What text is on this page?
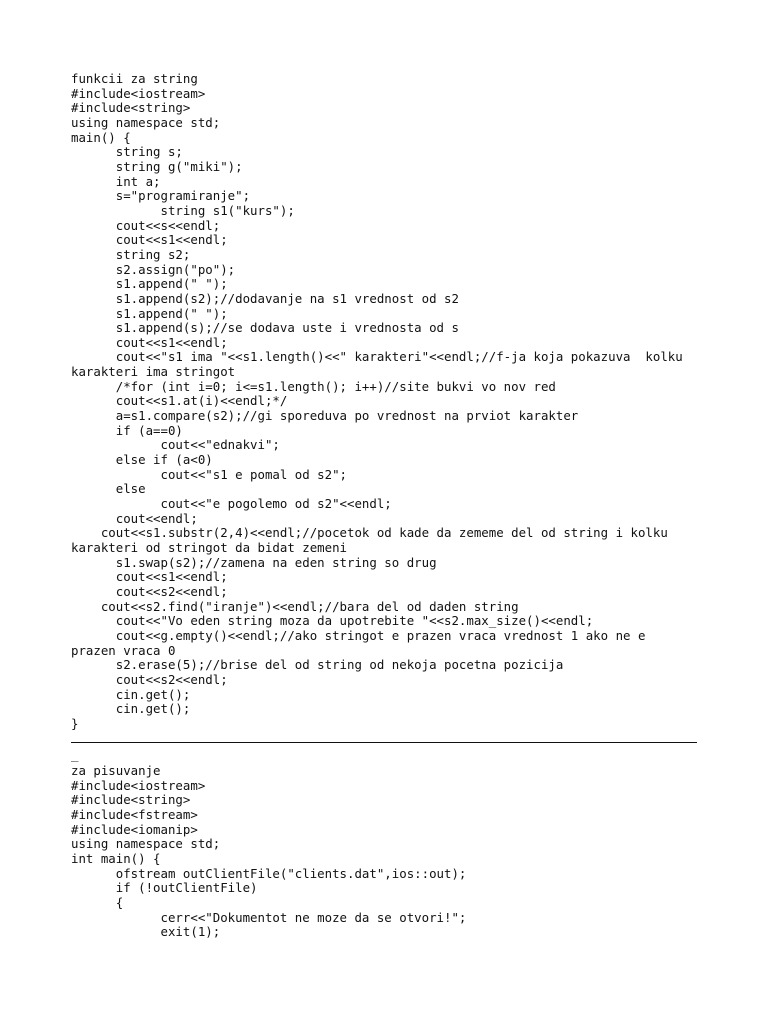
funkcii za string
#include<iostream>
#include<string>
using namespace std;
main() {
string s;
string g("miki");
int a;
s="programiranje";
string s1("kurs");
cout<<s<<endl;
cout<<s1<<endl;
string s2;
s2.assign("po");
s1.append(" ");
s1.append(s2);//dodavanje na s1 vrednost od s2
s1.append(" ");
s1.append(s);//se dodava uste i vrednosta od s
cout<<s1<<endl;
cout<<"s1 ima "<<s1.length()<<" karakteri"<<endl;//f-ja koja pokazuva  kolku
karakteri ima stringot
/*for (int i=0; i<=s1.length(); i++)//site bukvi vo nov red
cout<<s1.at(i)<<endl;*/
a=s1.compare(s2);//gi sporeduva po vrednost na prviot karakter
if (a==0)
cout<<"ednakvi";
else if (a<0)
cout<<"s1 e pomal od s2";
else
cout<<"e pogolemo od s2"<<endl;
cout<<endl;
cout<<s1.substr(2,4)<<endl;//pocetok od kade da zememe del od string i kolku
karakteri od stringot da bidat zemeni
s1.swap(s2);//zamena na eden string so drug
cout<<s1<<endl;
cout<<s2<<endl;
cout<<s2.find("iranje")<<endl;//bara del od daden string
cout<<"Vo eden string moza da upotrebite "<<s2.max_size()<<endl;
cout<<g.empty()<<endl;//ako stringot e prazen vraca vrednost 1 ako ne e
prazen vraca 0
s2.erase(5);//brise del od string od nekoja pocetna pozicija
cout<<s2<<endl;
cin.get();
cin.get();
}
_
za pisuvanje
#include<iostream>
#include<string>
#include<fstream>
#include<iomanip>
using namespace std;
int main() {
ofstream outClientFile("clients.dat",ios::out);
if (!outClientFile)
{
cerr<<"Dokumentot ne moze da se otvori!";
exit(1);
